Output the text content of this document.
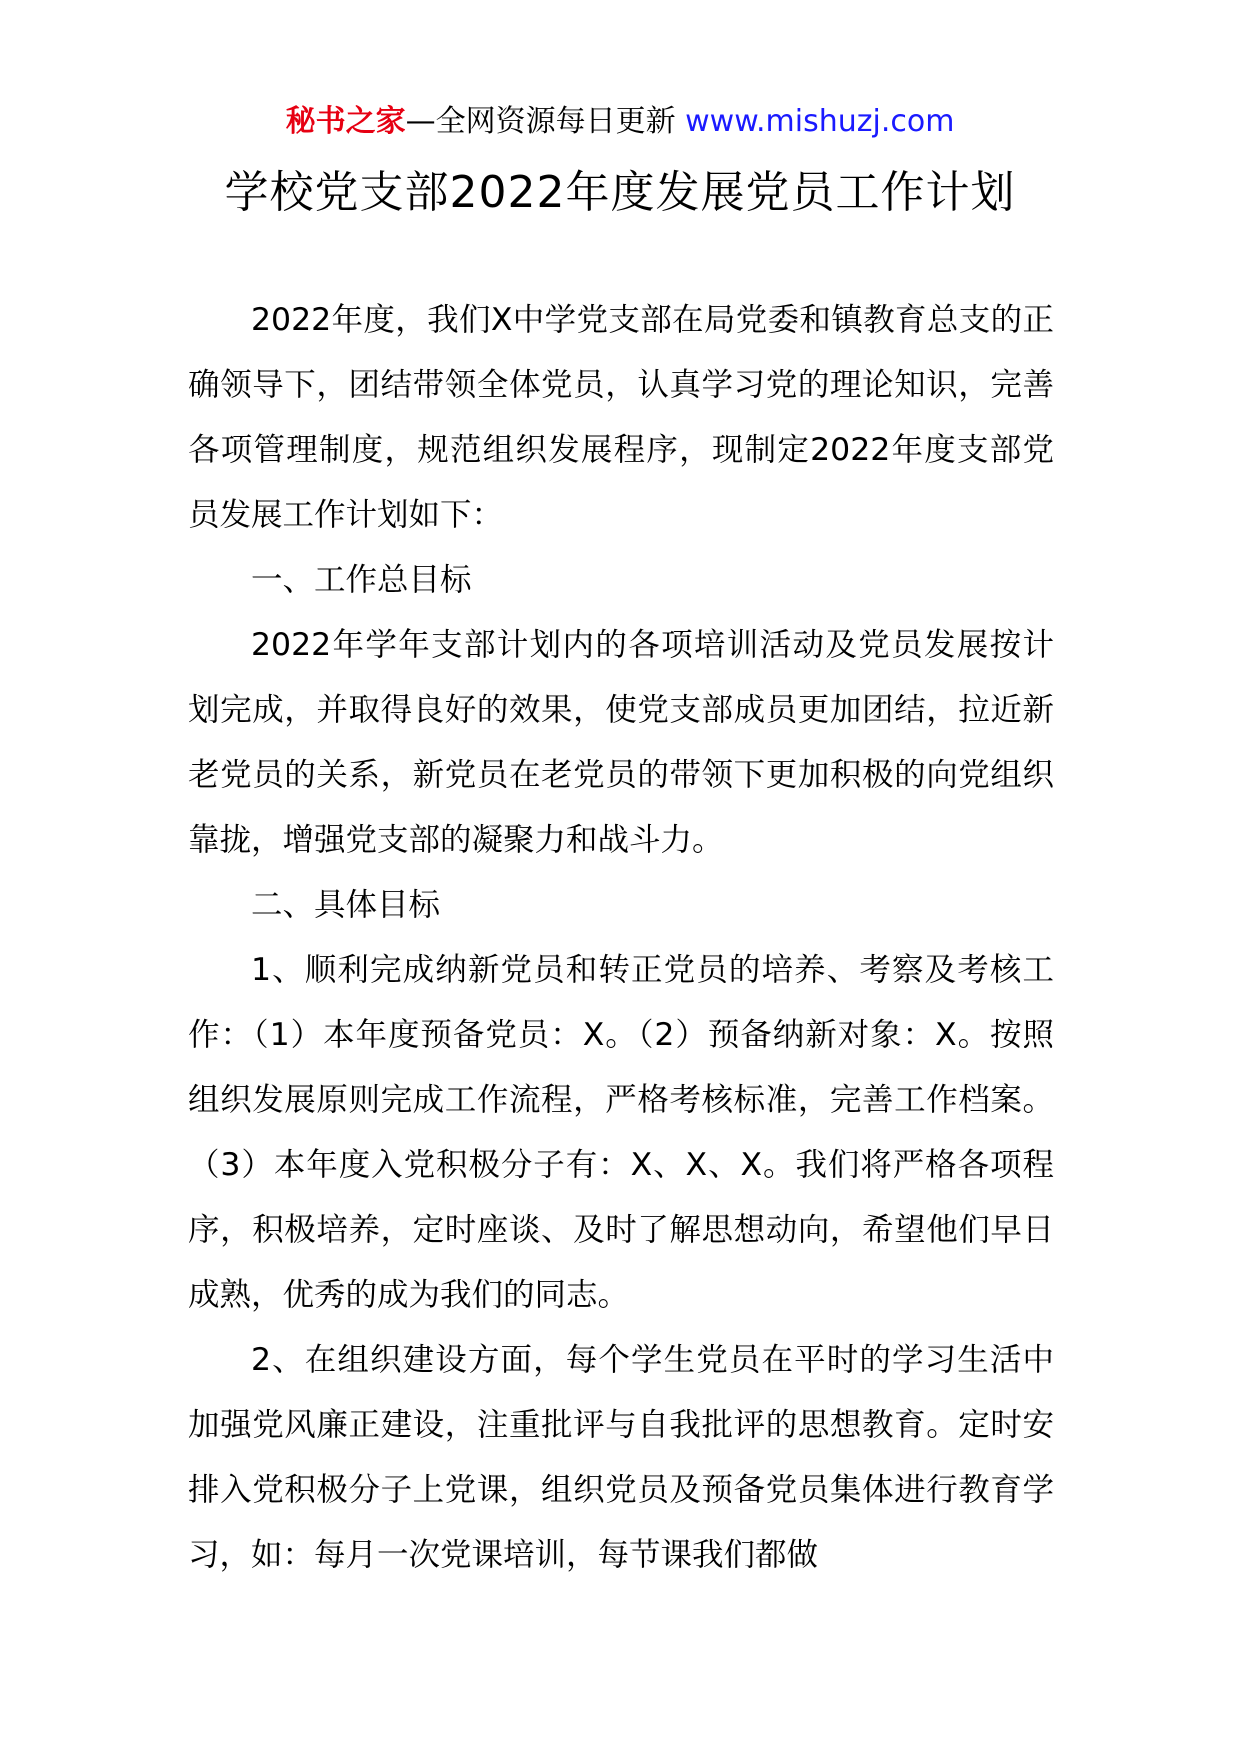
秘书之家—全网资源每日更新 www.mishuzj.com
学校党支部2022年度发展党员工作计划

2022年度，我们X中学党支部在局党委和镇教育总支的正确领导下，团结带领全体党员，认真学习党的理论知识，完善各项管理制度，规范组织发展程序，现制定2022年度支部党员发展工作计划如下：

一、工作总目标

2022年学年支部计划内的各项培训活动及党员发展按计划完成，并取得良好的效果，使党支部成员更加团结，拉近新老党员的关系，新党员在老党员的带领下更加积极的向党组织靠拢，增强党支部的凝聚力和战斗力。

二、具体目标

1、顺利完成纳新党员和转正党员的培养、考察及考核工作：（1）本年度预备党员：X。（2）预备纳新对象：X。按照组织发展原则完成工作流程，严格考核标准，完善工作档案。（3）本年度入党积极分子有：X、X、X。我们将严格各项程序，积极培养，定时座谈、及时了解思想动向，希望他们早日成熟，优秀的成为我们的同志。

2、在组织建设方面，每个学生党员在平时的学习生活中加强党风廉正建设，注重批评与自我批评的思想教育。定时安排入党积极分子上党课，组织党员及预备党员集体进行教育学习，如：每月一次党课培训，每节课我们都做
